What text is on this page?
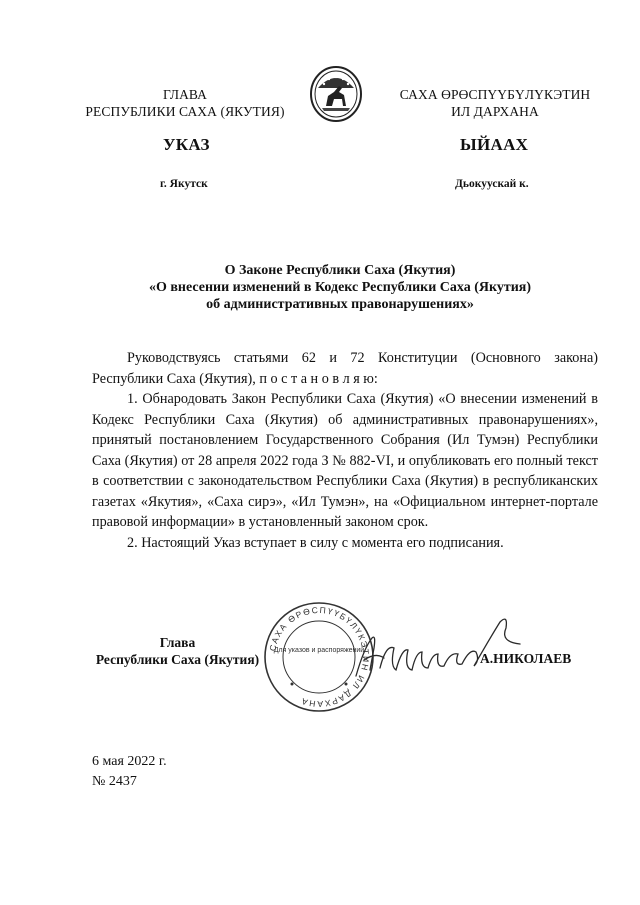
ГЛАВА
РЕСПУБЛИКИ САХА (ЯКУТИЯ)
САХА ӨРӨСПҮҮБҮЛҮКЭТИН
ИЛ ДАРХАНА
УКАЗ	ЫЙААХ
г. Якутск	Дьокуускай к.
О Законе Республики Саха (Якутия)
«О внесении изменений в Кодекс Республики Саха (Якутия)
об административных правонарушениях»

Руководствуясь статьями 62 и 72 Конституции (Основного закона) Республики Саха (Якутия), п о с т а н о в л я ю:

1. Обнародовать Закон Республики Саха (Якутия) «О внесении изменений в Кодекс Республики Саха (Якутия) об административных правонарушениях», принятый постановлением Государственного Собрания (Ил Тумэн) Республики Саха (Якутия) от 28 апреля 2022 года З № 882-VI, и опубликовать его полный текст в соответствии с законодательством Республики Саха (Якутия) в республиканских газетах «Якутия», «Саха сирэ», «Ил Тумэн», на «Официальном интернет-портале правовой информации» в установленный законом срок.

2. Настоящий Указ вступает в силу с момента его подписания.

Глава
Республики Саха (Якутия)
САХА ӨРӨСПҮҮБҮЛҮКЭТИН ИЛ ДАРХАНА
Для указов и распоряжений
А.НИКОЛАЕВ
6 мая 2022 г.
№ 2437
